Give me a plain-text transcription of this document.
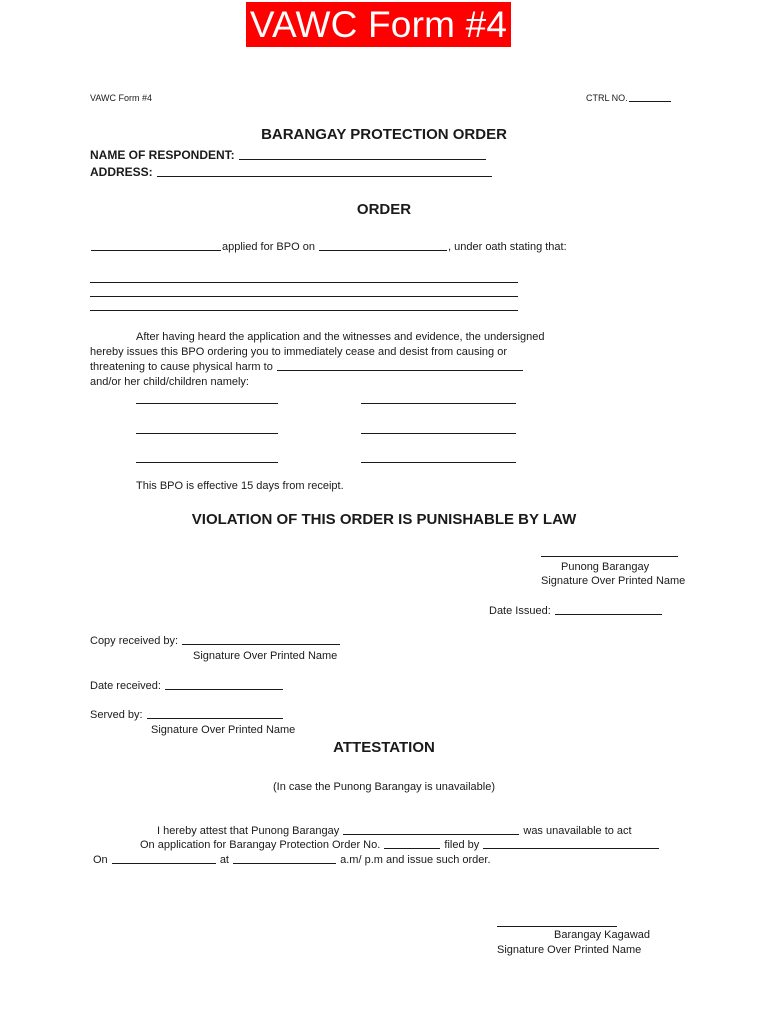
VAWC Form #4
VAWC Form #4	CTRL NO.
BARANGAY PROTECTION ORDER
NAME OF RESPONDENT:
ADDRESS:
ORDER
applied for BPO on	, under oath stating that:
After having heard the application and the witnesses and evidence, the undersigned
hereby issues this BPO ordering you to immediately cease and desist from causing or
threatening to cause physical harm to
and/or her child/children namely:
This BPO is effective 15 days from receipt.
VIOLATION OF THIS ORDER IS PUNISHABLE BY LAW
Punong Barangay
Signature Over Printed Name
Date Issued:
Copy received by:
Signature Over Printed Name
Date received:
Served by:
Signature Over Printed Name
ATTESTATION
(In case the Punong Barangay is unavailable)
I hereby attest that Punong Barangay	was unavailable to act
On application for Barangay Protection Order No.	filed by
On	at	a.m/ p.m and issue such order.
Barangay Kagawad
Signature Over Printed Name
